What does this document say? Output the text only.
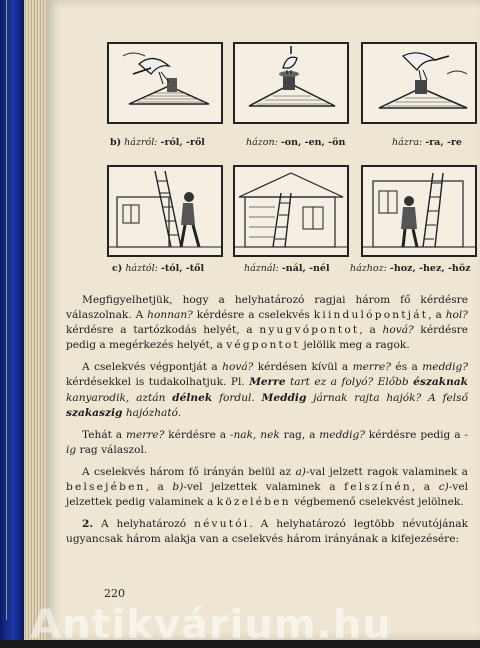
b) házról: -ról, -ről	házon: -on, -en, -ön	házra: -ra, -re
c) háztól: -tól, -től	háznál: -nál, -nél házhoz: -hoz, -hez, -höz

Megfigyelhetjük, hogy a helyhatározó ragjai három fő kérdésre válaszolnak. A honnan? kérdésre a cselekvés kiindulópontját, a hol? kérdésre a tartózkodás helyét, a nyugvópontot, a hová? kérdésre pedig a megérkezés helyét, a végpontot jelölik meg a ragok.

A cselekvés végpontját a hová? kérdésen kívül a merre? és a meddig? kérdésekkel is tudakolhatjuk. Pl. Merre tart ez a folyó? Előbb északnak kanyarodik, aztán délnek fordul. Meddig járnak rajta hajók? A felső szakaszig hajózható.

Tehát a merre? kérdésre a -nak, nek rag, a meddig? kérdésre pedig a -ig rag válaszol.

A cselekvés három fő irányán belül az a)-val jelzett ragok valaminek a belsejében, a b)-vel jelzettek valaminek a felszínén, a c)-vel jelzettek pedig valaminek a közelében végbemenő cselekvést jelölnek.

2. A helyhatározó névutói. A helyhatározó legtöbb névutójának ugyancsak három alakja van a cselekvés három irányának a kifejezésére:

220
Antikvárium.hu
